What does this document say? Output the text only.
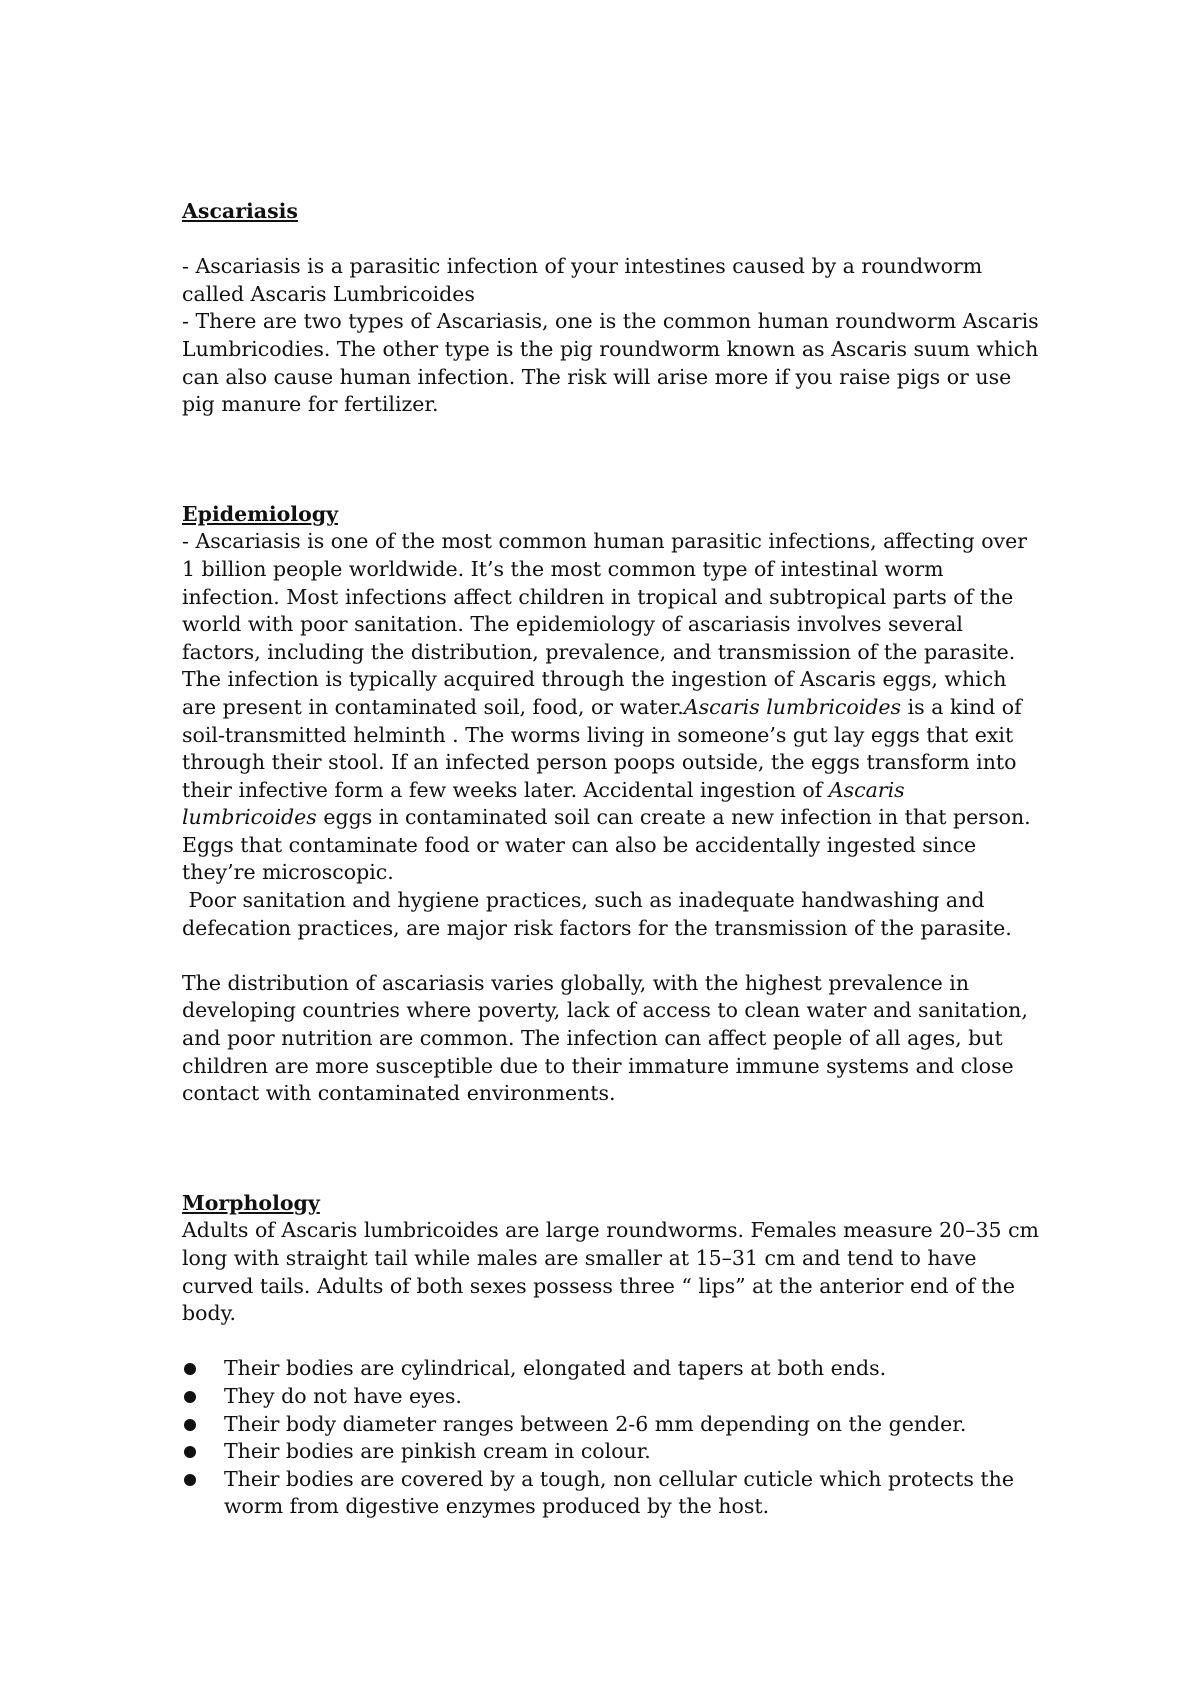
Ascariasis

- Ascariasis is a parasitic infection of your intestines caused by a roundworm called Ascaris Lumbricoides

- There are two types of Ascariasis, one is the common human roundworm Ascaris Lumbricodies. The other type is the pig roundworm known as Ascaris suum which can also cause human infection. The risk will arise more if you raise pigs or use pig manure for fertilizer.

Epidemiology

- Ascariasis is one of the most common human parasitic infections, affecting over 1 billion people worldwide. It’s the most common type of intestinal worm infection. Most infections affect children in tropical and subtropical parts of the world with poor sanitation. The epidemiology of ascariasis involves several factors, including the distribution, prevalence, and transmission of the parasite. The infection is typically acquired through the ingestion of Ascaris eggs, which are present in contaminated soil, food, or water.Ascaris lumbricoides is a kind of soil-transmitted helminth . The worms living in someone’s gut lay eggs that exit through their stool. If an infected person poops outside, the eggs transform into their infective form a few weeks later. Accidental ingestion of Ascaris lumbricoides eggs in contaminated soil can create a new infection in that person. Eggs that contaminate food or water can also be accidentally ingested since they’re microscopic.

Poor sanitation and hygiene practices, such as inadequate handwashing and defecation practices, are major risk factors for the transmission of the parasite.

The distribution of ascariasis varies globally, with the highest prevalence in developing countries where poverty, lack of access to clean water and sanitation, and poor nutrition are common. The infection can affect people of all ages, but children are more susceptible due to their immature immune systems and close contact with contaminated environments.

Morphology

Adults of Ascaris lumbricoides are large roundworms. Females measure 20–35 cm long with straight tail while males are smaller at 15–31 cm and tend to have curved tails. Adults of both sexes possess three “ lips” at the anterior end of the body.

Their bodies are cylindrical, elongated and tapers at both ends.
They do not have eyes.
Their body diameter ranges between 2-6 mm depending on the gender.
Their bodies are pinkish cream in colour.
Their bodies are covered by a tough, non cellular cuticle which protects the worm from digestive enzymes produced by the host.
